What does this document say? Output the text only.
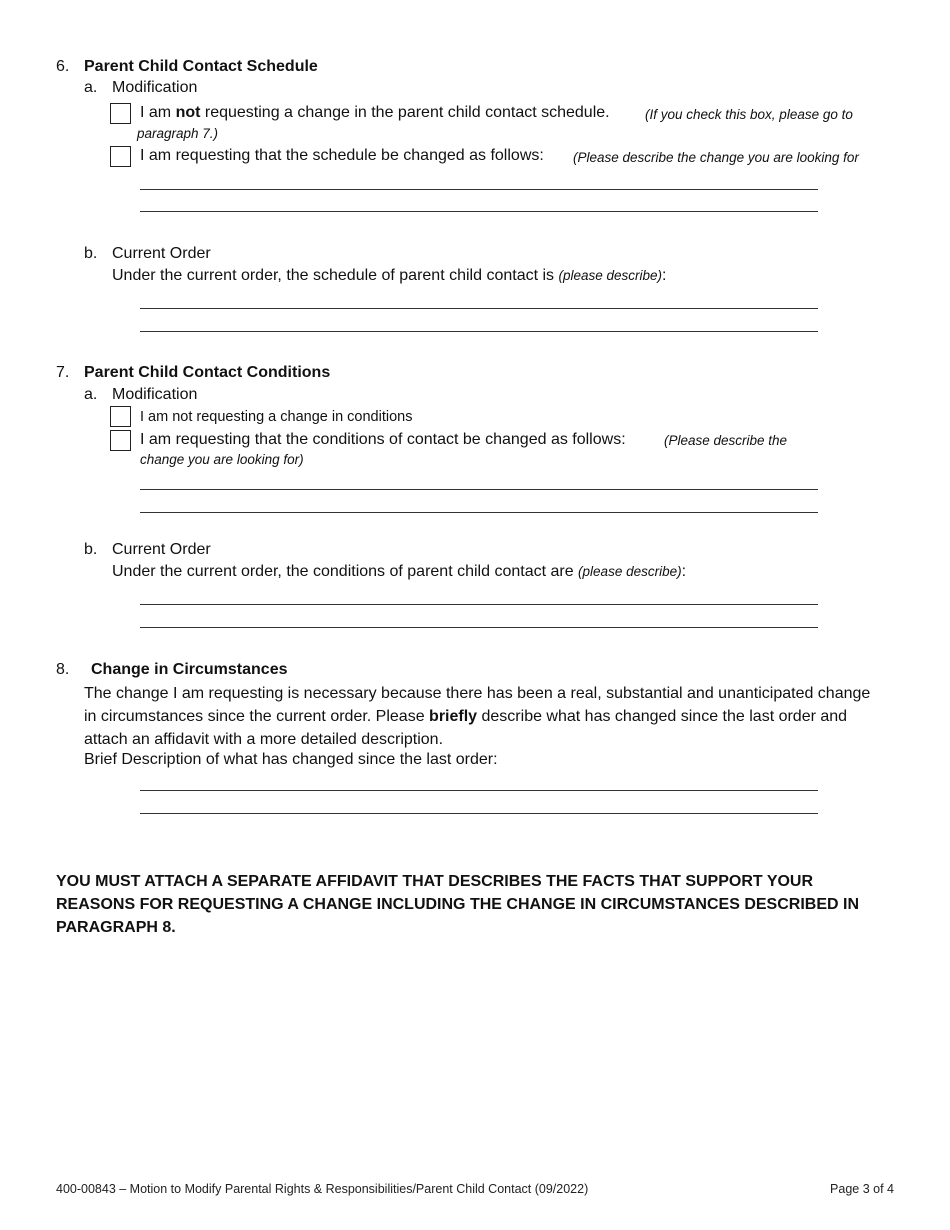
6. Parent Child Contact Schedule
a. Modification
I am not requesting a change in the parent child contact schedule.	(If you check this box, please go to
paragraph 7.)
I am requesting that the schedule be changed as follows: (Please describe the change you are looking for
b. Current Order
Under the current order, the schedule of parent child contact is (please describe):
7. Parent Child Contact Conditions
a. Modification
I am not requesting a change in conditions
I am requesting that the conditions of contact be changed as follows:	(Please describe the
change you are looking for)
b. Current Order
Under the current order, the conditions of parent child contact are (please describe):
8. Change in Circumstances
The change I am requesting is necessary because there has been a real, substantial and unanticipated change in circumstances since the current order. Please briefly describe what has changed since the last order and attach an affidavit with a more detailed description.
Brief Description of what has changed since the last order:
YOU MUST ATTACH A SEPARATE AFFIDAVIT THAT DESCRIBES THE FACTS THAT SUPPORT YOUR REASONS FOR REQUESTING A CHANGE INCLUDING THE CHANGE IN CIRCUMSTANCES DESCRIBED IN PARAGRAPH 8.
400-00843 – Motion to Modify Parental Rights & Responsibilities/Parent Child Contact (09/2022)	Page 3 of 4
